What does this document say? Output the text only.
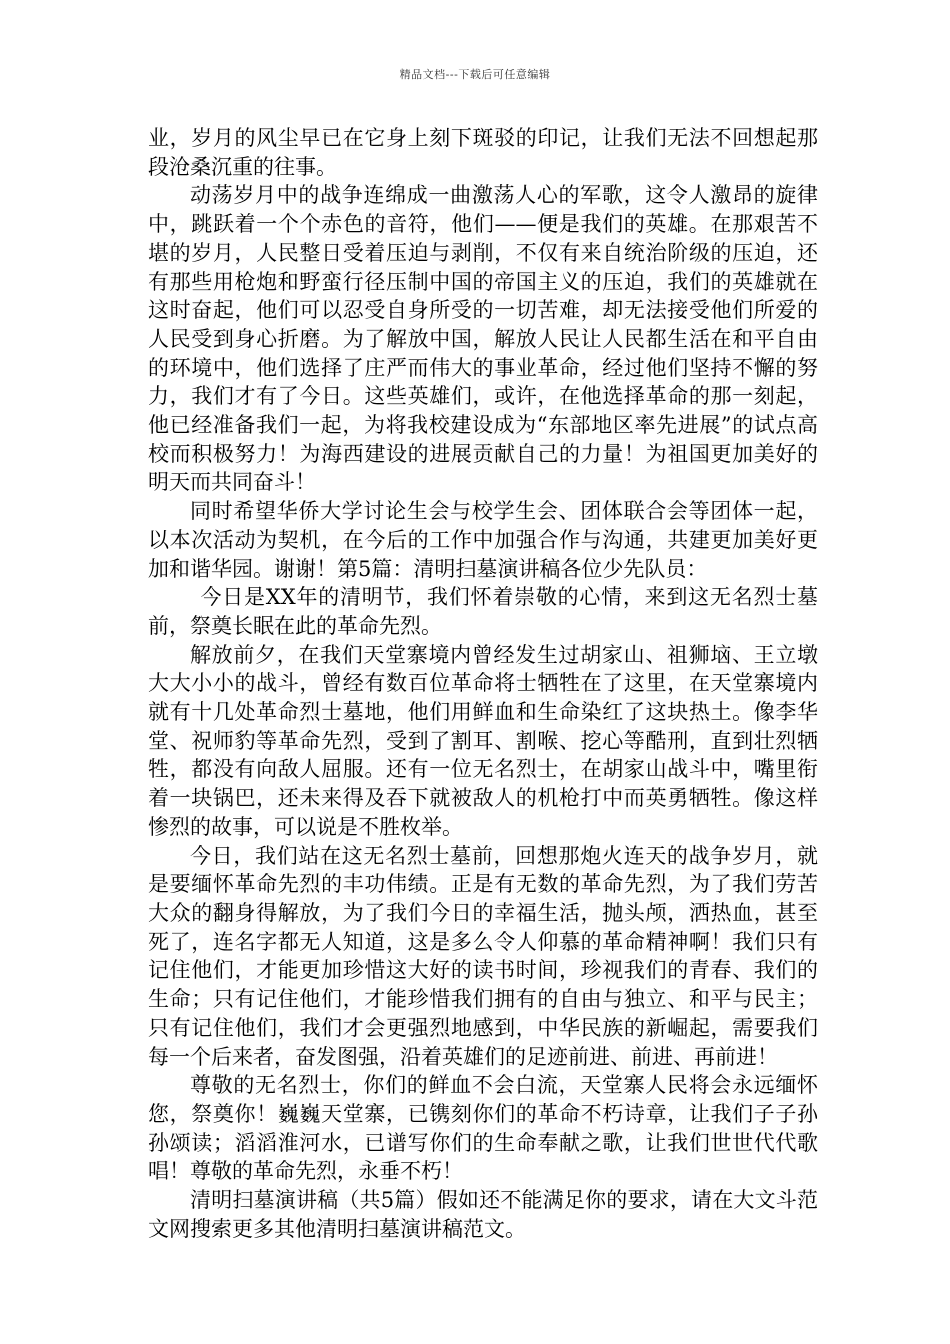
精品文档---下载后可任意编辑

业，岁月的风尘早已在它身上刻下斑驳的印记，让我们无法不回想起那段沧桑沉重的往事。

动荡岁月中的战争连绵成一曲激荡人心的军歌，这令人激昂的旋律中，跳跃着一个个赤色的音符，他们——便是我们的英雄。在那艰苦不堪的岁月，人民整日受着压迫与剥削，不仅有来自统治阶级的压迫，还有那些用枪炮和野蛮行径压制中国的帝国主义的压迫，我们的英雄就在这时奋起，他们可以忍受自身所受的一切苦难，却无法接受他们所爱的人民受到身心折磨。为了解放中国，解放人民让人民都生活在和平自由的环境中，他们选择了庄严而伟大的事业革命，经过他们坚持不懈的努力，我们才有了今日。这些英雄们，或许，在他选择革命的那一刻起，他已经准备我们一起，为将我校建设成为“东部地区率先进展”的试点高校而积极努力！为海西建设的进展贡献自己的力量！为祖国更加美好的明天而共同奋斗！

同时希望华侨大学讨论生会与校学生会、团体联合会等团体一起，以本次活动为契机，在今后的工作中加强合作与沟通，共建更加美好更加和谐华园。谢谢！第5篇：清明扫墓演讲稿各位少先队员：

今日是XX年的清明节，我们怀着崇敬的心情，来到这无名烈士墓前，祭奠长眠在此的革命先烈。

解放前夕，在我们天堂寨境内曾经发生过胡家山、祖狮垴、王立墩大大小小的战斗，曾经有数百位革命将士牺牲在了这里，在天堂寨境内就有十几处革命烈士墓地，他们用鲜血和生命染红了这块热土。像李华堂、祝师豹等革命先烈，受到了割耳、割喉、挖心等酷刑，直到壮烈牺牲，都没有向敌人屈服。还有一位无名烈士，在胡家山战斗中，嘴里衔着一块锅巴，还未来得及吞下就被敌人的机枪打中而英勇牺牲。像这样惨烈的故事，可以说是不胜枚举。

今日，我们站在这无名烈士墓前，回想那炮火连天的战争岁月，就是要缅怀革命先烈的丰功伟绩。正是有无数的革命先烈，为了我们劳苦大众的翻身得解放，为了我们今日的幸福生活，抛头颅，洒热血，甚至死了，连名字都无人知道，这是多么令人仰慕的革命精神啊！我们只有记住他们，才能更加珍惜这大好的读书时间，珍视我们的青春、我们的生命；只有记住他们，才能珍惜我们拥有的自由与独立、和平与民主；只有记住他们，我们才会更强烈地感到，中华民族的新崛起，需要我们每一个后来者，奋发图强，沿着英雄们的足迹前进、前进、再前进！

尊敬的无名烈士，你们的鲜血不会白流，天堂寨人民将会永远缅怀您，祭奠你！巍巍天堂寨，已镌刻你们的革命不朽诗章，让我们子子孙孙颂读；滔滔淮河水，已谱写你们的生命奉献之歌，让我们世世代代歌唱！尊敬的革命先烈，永垂不朽！

清明扫墓演讲稿（共5篇）假如还不能满足你的要求，请在大文斗范文网搜索更多其他清明扫墓演讲稿范文。
